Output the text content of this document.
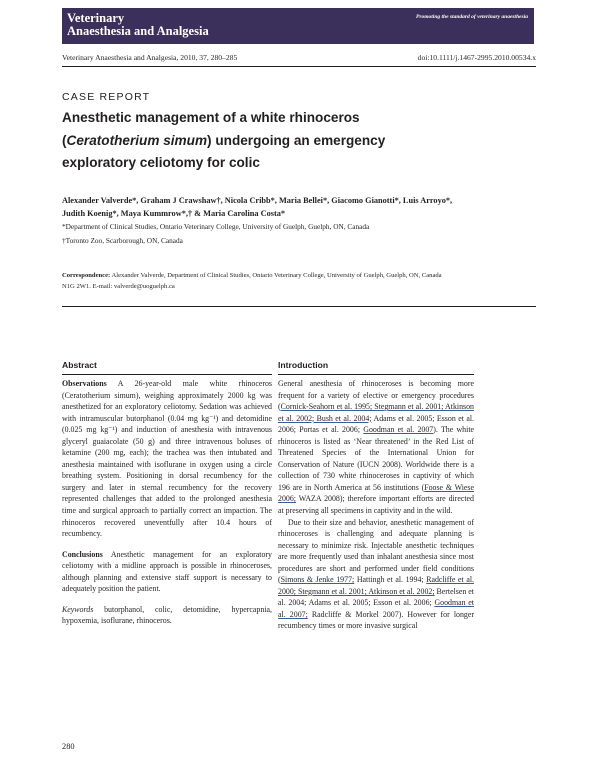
Veterinary
Anaesthesia and Analgesia
Promoting the standard of veterinary anaesthesia
Veterinary Anaesthesia and Analgesia, 2010, 37, 280–285	doi:10.1111/j.1467-2995.2010.00534.x
CASE REPORT
Anesthetic management of a white rhinoceros
(Ceratotherium simum) undergoing an emergency
exploratory celiotomy for colic
Alexander Valverde*, Graham J Crawshaw†, Nicola Cribb*, Maria Bellei*, Giacomo Gianotti*, Luis Arroyo*,
Judith Koenig*, Maya Kummrow*,† & Maria Carolina Costa*
*Department of Clinical Studies, Ontario Veterinary College, University of Guelph, Guelph, ON, Canada
†Toronto Zoo, Scarborough, ON, Canada
Correspondence: Alexander Valverde, Department of Clinical Studies, Ontario Veterinary College, University of Guelph, Guelph, ON, Canada
N1G 2W1. E-mail: valverde@uoguelph.ca
Abstract	Introduction

Observations A 26-year-old male white rhinoceros (Ceratotherium simum), weighing approximately 2000 kg was anesthetized for an exploratory celiotomy. Sedation was achieved with intramuscular butorphanol (0.04 mg kg⁻¹) and detomidine (0.025 mg kg⁻¹) and induction of anesthesia with intravenous glyceryl guaiacolate (50 g) and three intravenous boluses of ketamine (200 mg, each); the trachea was then intubated and anesthesia maintained with isoflurane in oxygen using a circle breathing system. Positioning in dorsal recumbency for the surgery and later in sternal recumbency for the recovery represented challenges that added to the prolonged anesthesia time and surgical approach to partially correct an impaction. The rhinoceros recovered uneventfully after 10.4 hours of recumbency.

Conclusions Anesthetic management for an exploratory celiotomy with a midline approach is possible in rhinoceroses, although planning and extensive staff support is necessary to adequately position the patient.

Keywords butorphanol, colic, detomidine, hypercapnia, hypoxemia, isoflurane, rhinoceros.

General anesthesia of rhinoceroses is becoming more frequent for a variety of elective or emergency procedures (Cornick-Seahorn et al. 1995; Stegmann et al. 2001; Atkinson et al. 2002; Bush et al. 2004; Adams et al. 2005; Esson et al. 2006; Portas et al. 2006; Goodman et al. 2007). The white rhinoceros is listed as ‘Near threatened’ in the Red List of Threatened Species of the International Union for Conservation of Nature (IUCN 2008). Worldwide there is a collection of 730 white rhinoceroses in captivity of which 196 are in North America at 56 institutions (Foose & Wiese 2006; WAZA 2008); therefore important efforts are directed at preserving all specimens in captivity and in the wild.

Due to their size and behavior, anesthetic management of rhinoceroses is challenging and adequate planning is necessary to minimize risk. Injectable anesthetic techniques are more frequently used than inhalant anesthesia since most procedures are short and performed under field conditions (Simons & Jenke 1977; Hattingh et al. 1994; Radcliffe et al. 2000; Stegmann et al. 2001; Atkinson et al. 2002; Bertelsen et al. 2004; Adams et al. 2005; Esson et al. 2006; Goodman et al. 2007; Radcliffe & Morkel 2007). However for longer recumbency times or more invasive surgical

280
